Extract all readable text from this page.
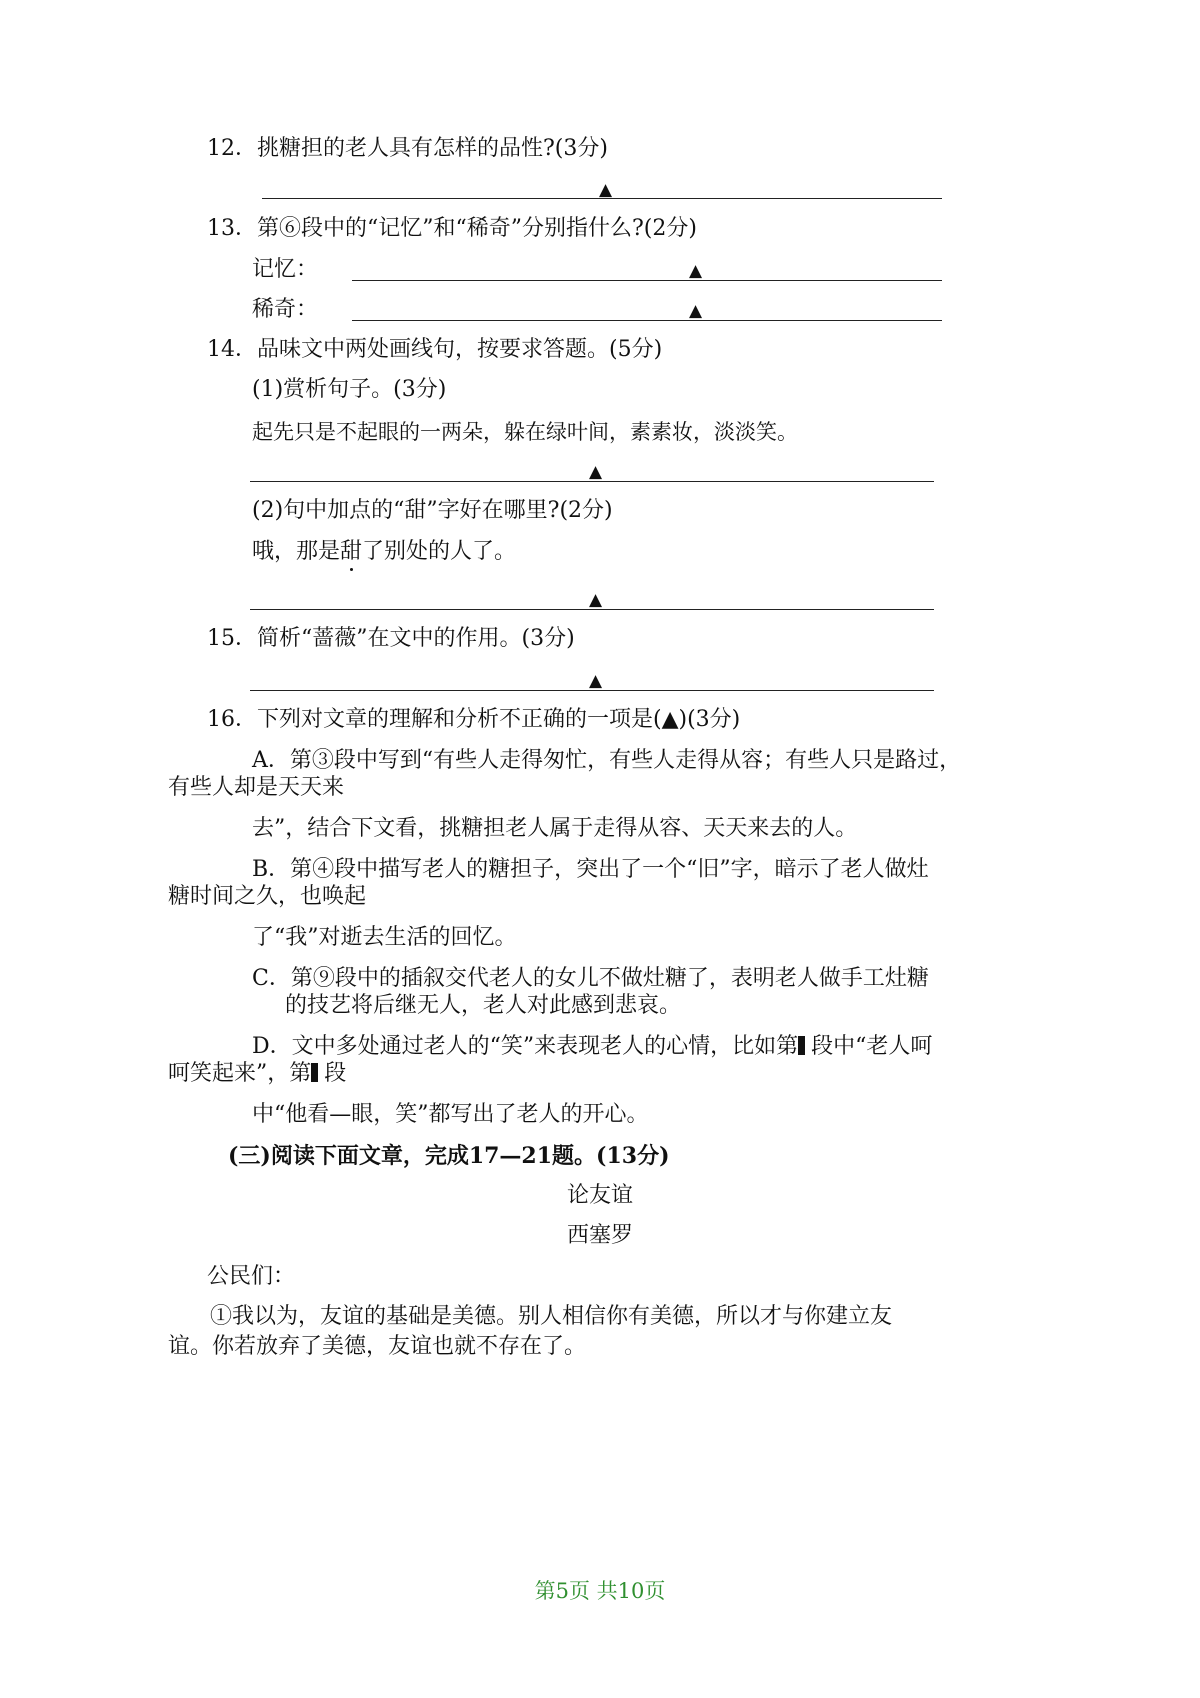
12．挑糖担的老人具有怎样的品性?(3分)
▲
13．第⑥段中的“记忆”和“稀奇”分别指什么?(2分)
记忆：	▲
稀奇：	▲
14．品味文中两处画线句，按要求答题。(5分)
(1)赏析句子。(3分)
起先只是不起眼的一两朵，躲在绿叶间，素素妆，淡淡笑。
▲
(2)句中加点的“甜”字好在哪里?(2分)
哦，那是甜了别处的人了。
▲
15．简析“蔷薇”在文中的作用。(3分)
▲
16．下列对文章的理解和分析不正确的一项是(▲)(3分)
A．第③段中写到“有些人走得匆忙，有些人走得从容；有些人只是路过，
有些人却是天天来
去”，结合下文看，挑糖担老人属于走得从容、天天来去的人。
B．第④段中描写老人的糖担子，突出了一个“旧”字，暗示了老人做灶
糖时间之久，也唤起
了“我”对逝去生活的回忆。
C．第⑨段中的插叙交代老人的女儿不做灶糖了，表明老人做手工灶糖
的技艺将后继无人，老人对此感到悲哀。
D．文中多处通过老人的“笑”来表现老人的心情，比如第 段中“老人呵
呵笑起来”，第 段
中“他看—眼，笑”都写出了老人的开心。
(三)阅读下面文章，完成17—21题。(13分)
论友谊
西塞罗
公民们：
①我以为，友谊的基础是美德。别人相信你有美德，所以才与你建立友
谊。你若放弃了美德，友谊也就不存在了。
第5页 共10页
